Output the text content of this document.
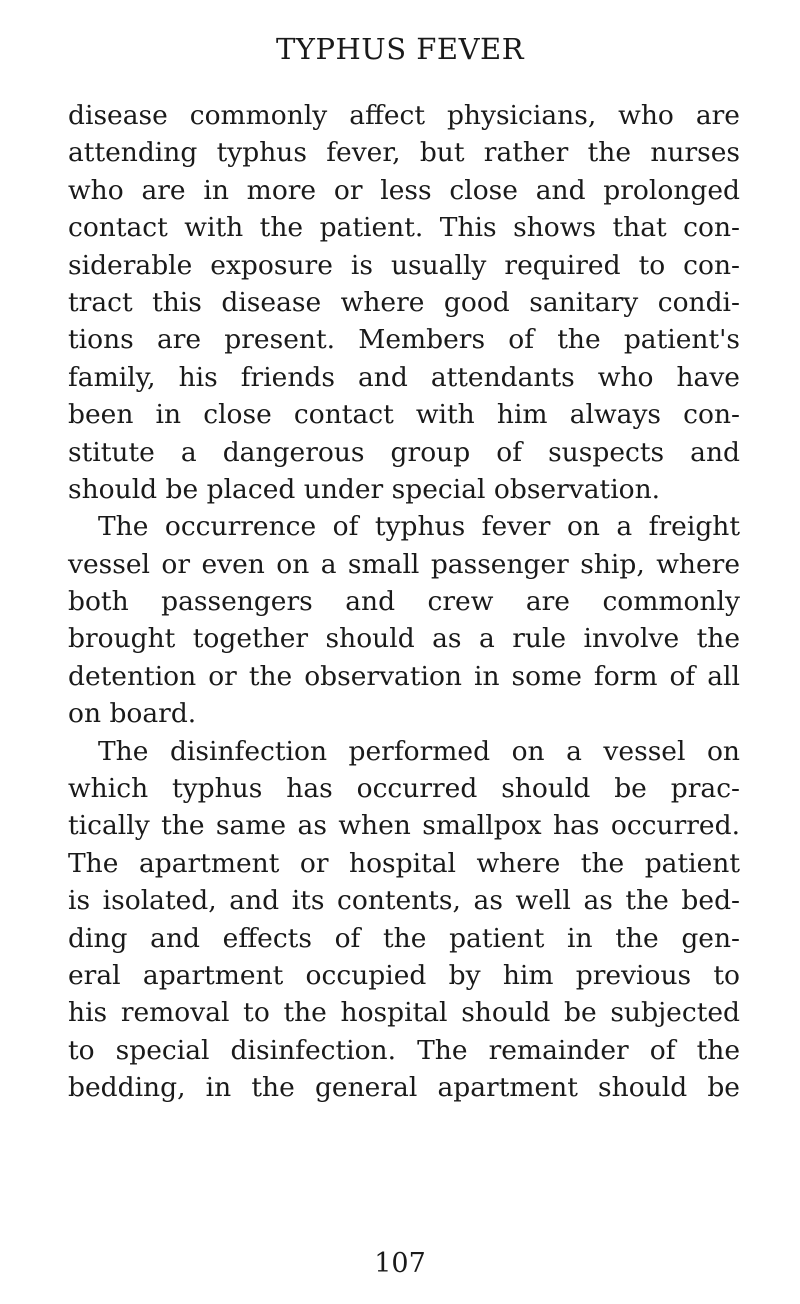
TYPHUS FEVER
disease commonly affect physicians, who are
attending typhus fever, but rather the nurses
who are in more or less close and prolonged
contact with the patient. This shows that con-
siderable exposure is usually required to con-
tract this disease where good sanitary condi-
tions are present. Members of the patient's
family, his friends and attendants who have
been in close contact with him always con-
stitute a dangerous group of suspects and
should be placed under special observation.
The occurrence of typhus fever on a freight
vessel or even on a small passenger ship, where
both passengers and crew are commonly
brought together should as a rule involve the
detention or the observation in some form of all
on board.
The disinfection performed on a vessel on
which typhus has occurred should be prac-
tically the same as when smallpox has occurred.
The apartment or hospital where the patient
is isolated, and its contents, as well as the bed-
ding and effects of the patient in the gen-
eral apartment occupied by him previous to
his removal to the hospital should be subjected
to special disinfection. The remainder of the
bedding, in the general apartment should be
107
